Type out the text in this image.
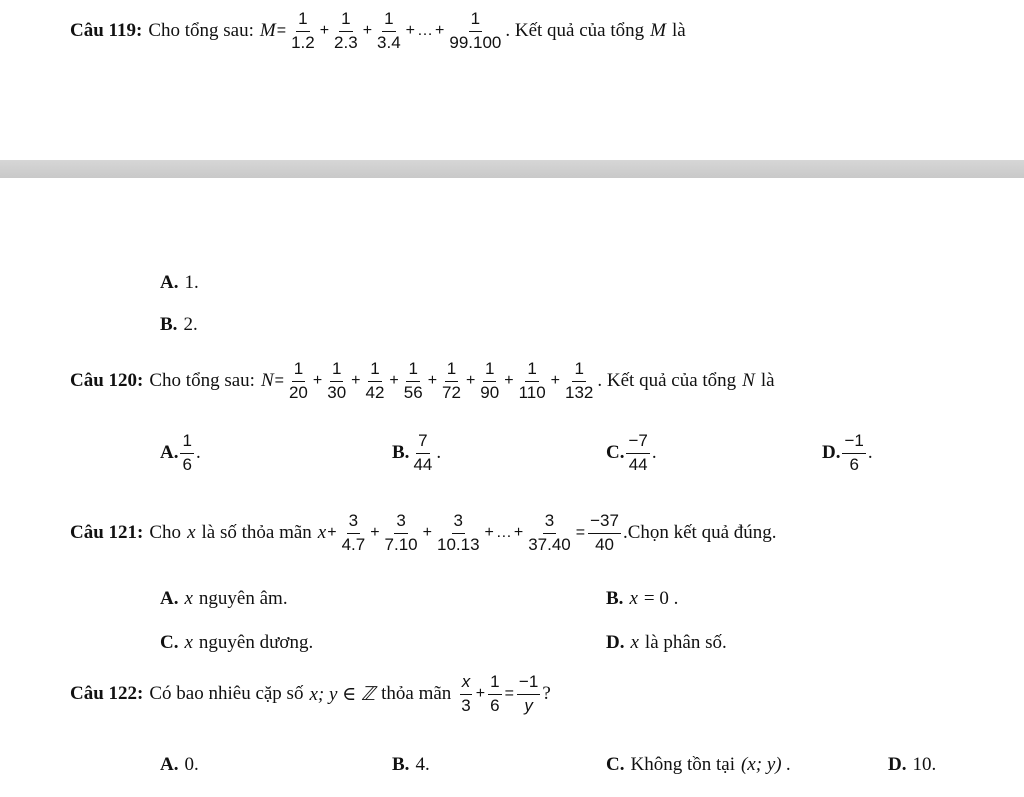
Câu 119: Cho tổng sau: $M = \frac{1}{1.2} + \frac{1}{2.3} + \frac{1}{3.4}$ + … + $\frac{1}{99.100}$ . Kết quả của tổng M là
A. 1.
B. 2.
Câu 120: Cho tổng sau: $N = \frac{1}{20} + \frac{1}{30} + \frac{1}{42} + \frac{1}{56} + \frac{1}{72} + \frac{1}{90} + \frac{1}{110} + \frac{1}{132}$ . Kết quả của tổng N là
A. $\frac{1}{6}$ .	B. $\frac{7}{44}$ .	C. $\frac{-7}{44}$ .	D. $\frac{-1}{6}$ .
Câu 121: Cho x là số thỏa mãn $x + \frac{3}{4.7} + \frac{3}{7.10} + \frac{3}{10.13}$ + … + $\frac{3}{37.40} = \frac{-37}{40}$ .Chọn kết quả đúng.
A. x nguyên âm.	B. x = 0 .
C. x nguyên dương.	D. x là phân số.
Câu 122: Có bao nhiêu cặp số x; y ∈ ℤ thỏa mãn $\frac{x}{3} + \frac{1}{6} = \frac{-1}{y}$ ?
A. 0.	B. 4.	C. Không tồn tại (x; y) .	D. 10.
